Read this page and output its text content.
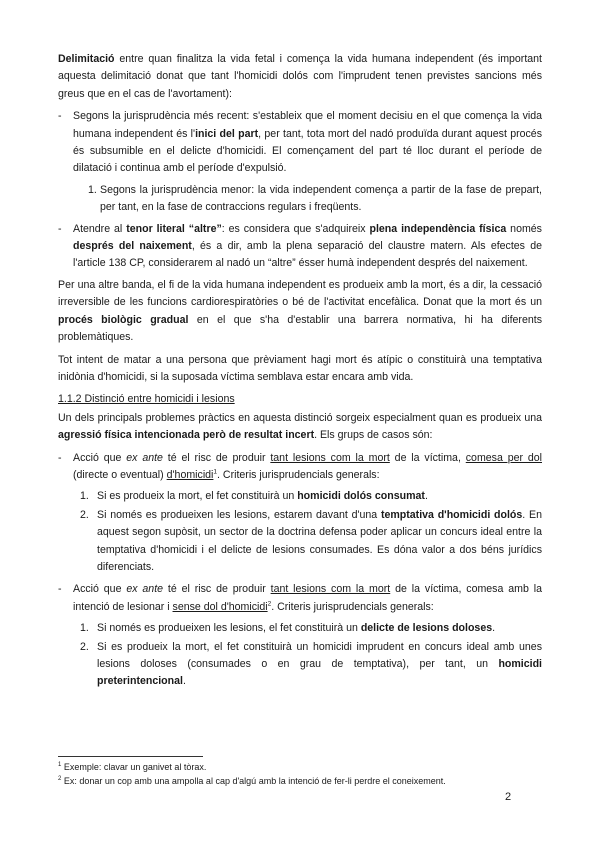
Delimitació entre quan finalitza la vida fetal i comença la vida humana independent (és important aquesta delimitació donat que tant l'homicidi dolós com l'imprudent tenen previstes sancions més greus que en el cas de l'avortament):

- Segons la jurisprudència més recent: s'estableix que el moment decisiu en el que comença la vida humana independent és l'inici del part, per tant, tota mort del nadó produïda durant aquest procés és subsumible en el delicte d'homicidi. El començament del part té lloc durant el període de dilatació i continua amb el període d'expulsió.
1. Segons la jurisprudència menor: la vida independent comença a partir de la fase de prepart, per tant, en la fase de contraccions regulars i freqüents.
- Atendre al tenor literal “altre”: es considera que s'adquireix plena independència física només després del naixement, és a dir, amb la plena separació del claustre matern. Als efectes de l'article 138 CP, considerarem al nadó un “altre” ésser humà independent després del naixement.

Per una altre banda, el fi de la vida humana independent es produeix amb la mort, és a dir, la cessació irreversible de les funcions cardiorespiratòries o bé de l'activitat encefàlica. Donat que la mort és un procés biològic gradual en el que s'ha d'establir una barrera normativa, hi ha diferents problemàtiques.

Tot intent de matar a una persona que prèviament hagi mort és atípic o constituirà una temptativa inidònia d'homicidi, si la suposada víctima semblava estar encara amb vida.

1.1.2 Distinció entre homicidi i lesions

Un dels principals problemes pràctics en aquesta distinció sorgeix especialment quan es produeix una agressió física intencionada però de resultat incert. Els grups de casos són:

- Acció que ex ante té el risc de produir tant lesions com la mort de la víctima, comesa per dol (directe o eventual) d'homicidi$^1$. Criteris jurisprudencials generals:
1. Si es produeix la mort, el fet constituirà un homicidi dolós consumat.
2. Si només es produeixen les lesions, estarem davant d'una temptativa d'homicidi dolós. En aquest segon supòsit, un sector de la doctrina defensa poder aplicar un concurs ideal entre la temptativa d'homicidi i el delicte de lesions consumades. Es dóna valor a dos béns jurídics diferenciats.
- Acció que ex ante té el risc de produir tant lesions com la mort de la víctima, comesa amb la intenció de lesionar i sense dol d'homicidi$^2$. Criteris jurisprudencials generals:
1. Si només es produeixen les lesions, el fet constituirà un delicte de lesions doloses.
2. Si es produeix la mort, el fet constituirà un homicidi imprudent en concurs ideal amb unes lesions doloses (consumades o en grau de temptativa), per tant, un homicidi preterintencional.
$^1$ Exemple: clavar un ganivet al tòrax.
$^2$ Ex: donar un cop amb una ampolla al cap d'algú amb la intenció de fer-li perdre el coneixement.
2
